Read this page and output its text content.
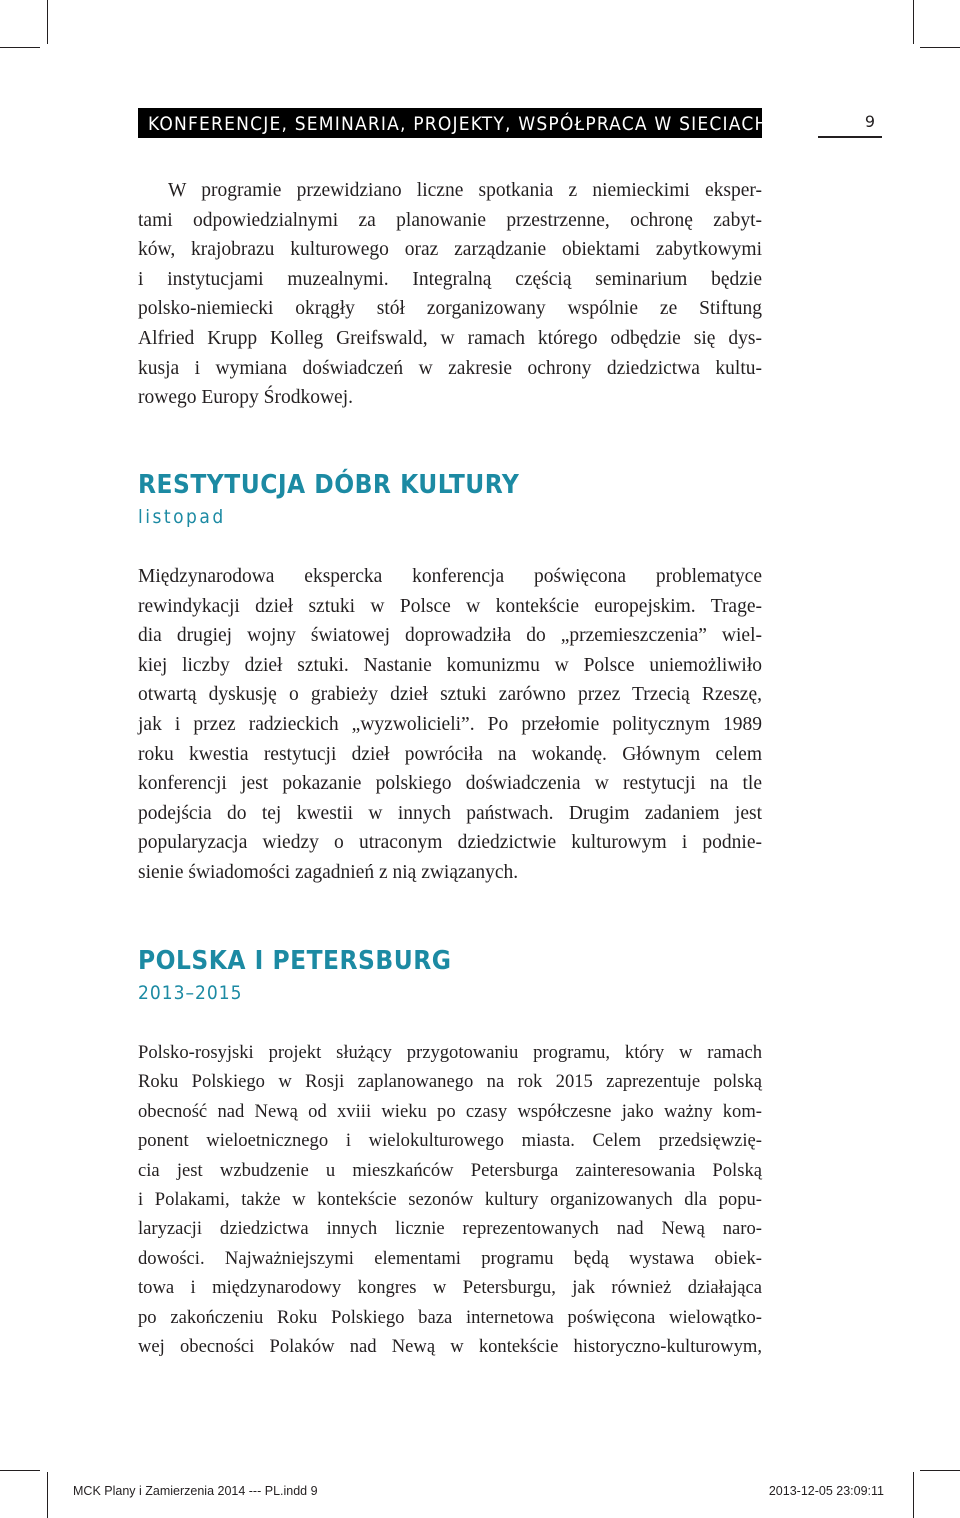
KONFERENCJE, SEMINARIA, PROJEKTY, WSPÓŁPRACA W SIECIACH	9
W programie przewidziano liczne spotkania z niemieckimi eksper-
tami odpowiedzialnymi za planowanie przestrzenne, ochronę zabyt-
ków, krajobrazu kulturowego oraz zarządzanie obiektami zabytkowymi
i instytucjami muzealnymi. Integralną częścią seminarium będzie
polsko-niemiecki okrągły stół zorganizowany wspólnie ze Stiftung
Alfried Krupp Kolleg Greifswald, w ramach którego odbędzie się dys-
kusja i wymiana doświadczeń w zakresie ochrony dziedzictwa kultu-
rowego Europy Środkowej.
RESTYTUCJA DÓBR KULTURY
listopad
Międzynarodowa ekspercka konferencja poświęcona problematyce
rewindykacji dzieł sztuki w Polsce w kontekście europejskim. Trage-
dia drugiej wojny światowej doprowadziła do „przemieszczenia” wiel-
kiej liczby dzieł sztuki. Nastanie komunizmu w Polsce uniemożliwiło
otwartą dyskusję o grabieży dzieł sztuki zarówno przez Trzecią Rzeszę,
jak i przez radzieckich „wyzwolicieli”. Po przełomie politycznym 1989
roku kwestia restytucji dzieł powróciła na wokandę. Głównym celem
konferencji jest pokazanie polskiego doświadczenia w restytucji na tle
podejścia do tej kwestii w innych państwach. Drugim zadaniem jest
popularyzacja wiedzy o utraconym dziedzictwie kulturowym i podnie-
sienie świadomości zagadnień z nią związanych.
POLSKA I PETERSBURG
2013–2015
Polsko-rosyjski projekt służący przygotowaniu programu, który w ramach
Roku Polskiego w Rosji zaplanowanego na rok 2015 zaprezentuje polską
obecność nad Newą od xviii wieku po czasy współczesne jako ważny kom-
ponent wieloetnicznego i wielokulturowego miasta. Celem przedsięwzię-
cia jest wzbudzenie u mieszkańców Petersburga zainteresowania Polską
i Polakami, także w kontekście sezonów kultury organizowanych dla popu-
laryzacji dziedzictwa innych licznie reprezentowanych nad Newą naro-
dowości. Najważniejszymi elementami programu będą wystawa obiek-
towa i międzynarodowy kongres w Petersburgu, jak również działająca
po zakończeniu Roku Polskiego baza internetowa poświęcona wielowątko-
wej obecności Polaków nad Newą w kontekście historyczno-kulturowym,
MCK Plany i Zamierzenia 2014 --- PL.indd 9	2013-12-05 23:09:11
